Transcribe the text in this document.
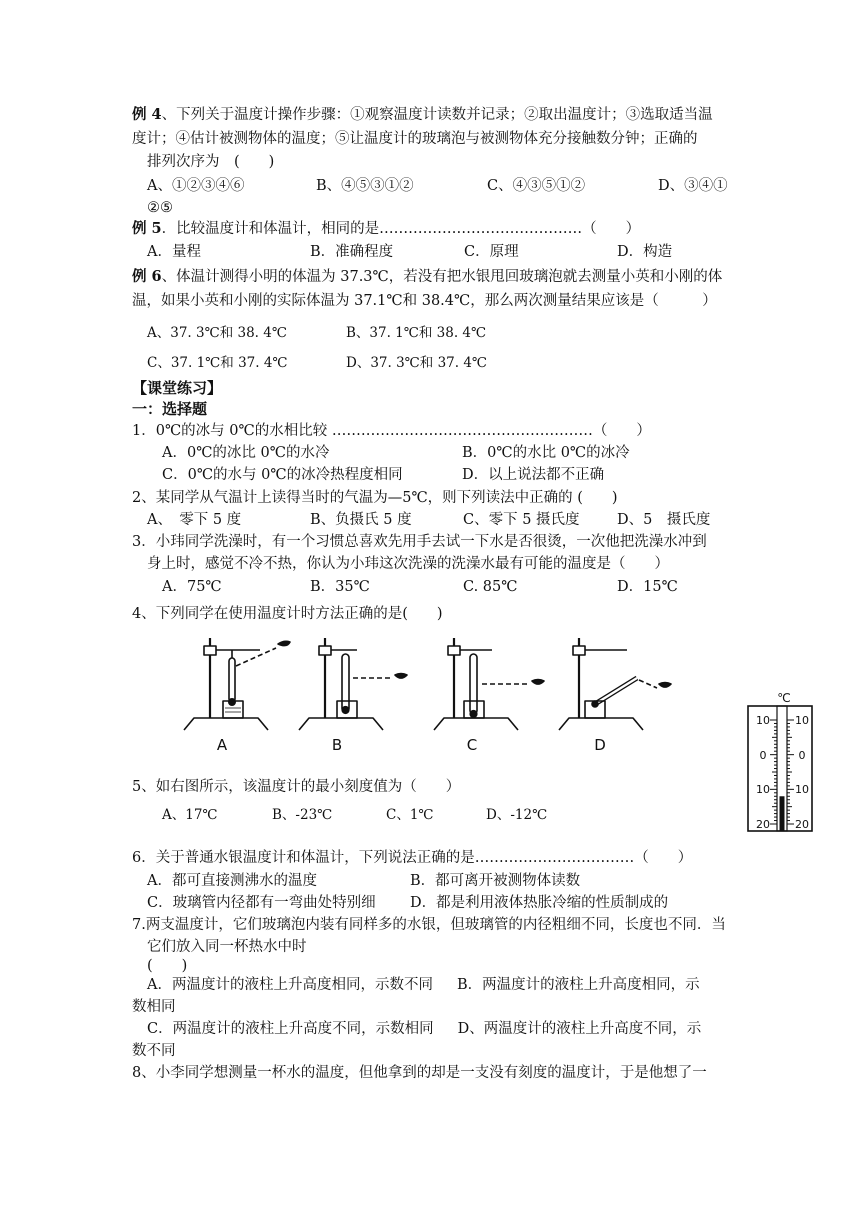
例 4、下列关于温度计操作步骤：①观察温度计读数并记录；②取出温度计；③选取适当温
度计；④估计被测物体的温度；⑤让温度计的玻璃泡与被测物体充分接触数分钟；正确的
排列次序为　(　　)
A、①②③④⑥	B、④⑤③①②	C、④③⑤①②	D、③④①
②⑤
例 5．比较温度计和体温计，相同的是……………………………………（　　）
A．量程	B．准确程度	C．原理	D．构造
例 6、体温计测得小明的体温为 37.3℃，若没有把水银甩回玻璃泡就去测量小英和小刚的体
温，如果小英和小刚的实际体温为 37.1℃和 38.4℃，那么两次测量结果应该是（　　　）
A、37. 3℃和 38. 4℃	B、37. 1℃和 38. 4℃
C、37. 1℃和 37. 4℃	D、37. 3℃和 37. 4℃
【课堂练习】
一：选择题
1．0℃的冰与 0℃的水相比较 ………………………………………………（　　）
A．0℃的冰比 0℃的水冷	B．0℃的水比 0℃的冰冷
C．0℃的水与 0℃的冰冷热程度相同	D．以上说法都不正确
2、某同学从气温计上读得当时的气温为—5℃，则下列读法中正确的 (　　)
A、　零下 5 度	B、负摄氏 5 度	C、零下 5 摄氏度	D、5　摄氏度
3．小玮同学洗澡时，有一个习惯总喜欢先用手去试一下水是否很烫，一次他把洗澡水冲到
身上时，感觉不冷不热，你认为小玮这次洗澡的洗澡水最有可能的温度是（　　）
A．75℃	B．35℃	C. 85℃	D．15℃
4、下列同学在使用温度计时方法正确的是(　　)
A	B	C	D
℃
10
0
10
20
10
0
10
20
5、如右图所示，该温度计的最小刻度值为（　　）
A、17℃	B、-23℃	C、1℃	D、-12℃
6．关于普通水银温度计和体温计，下列说法正确的是……………………………（　　）
A．都可直接测沸水的温度	B．都可离开被测物体读数
C．玻璃管内径都有一弯曲处特别细 D．都是利用液体热胀冷缩的性质制成的
7.两支温度计，它们玻璃泡内装有同样多的水银，但玻璃管的内径粗细不同，长度也不同．当
它们放入同一杯热水中时
(　　)
A．两温度计的液柱上升高度相同，示数不同 B．两温度计的液柱上升高度相同，示
数相同
C．两温度计的液柱上升高度不同，示数相同 D、两温度计的液柱上升高度不同，示
数不同
8、小李同学想测量一杯水的温度，但他拿到的却是一支没有刻度的温度计，于是他想了一
